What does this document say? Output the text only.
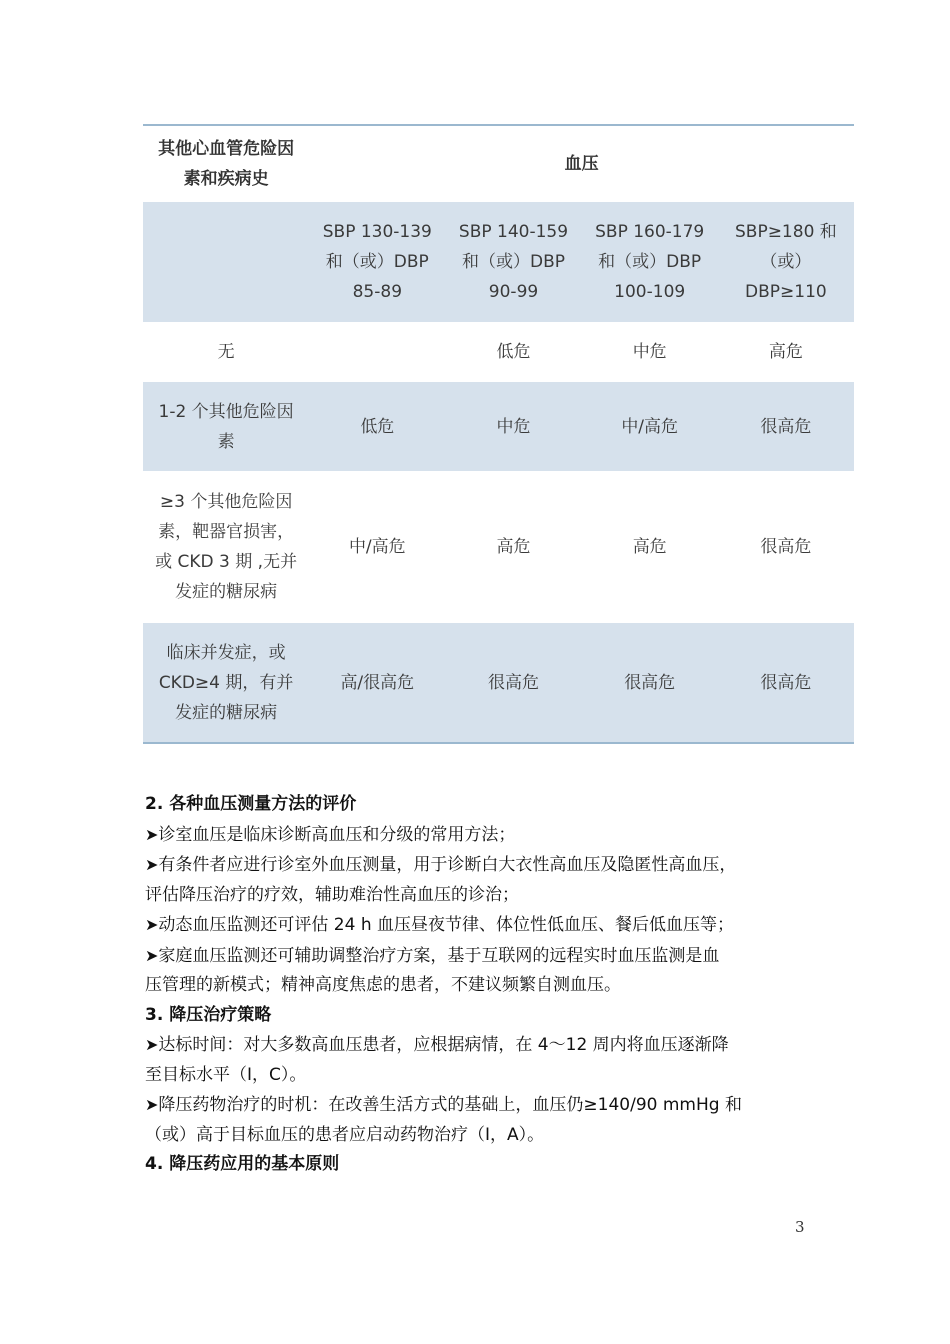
其他心血管危险因素和疾病史	血压			

	SBP 130-139 和（或）DBP 85-89	SBP 140-159 和（或）DBP 90-99	SBP 160-179 和（或）DBP 100-109	SBP≥180 和（或）DBP≥110

无		低危	中危	高危
1-2 个其他危险因素	低危	中危	中/高危	很高危
≥3 个其他危险因素，靶器官损害，或 CKD 3 期 ,无并发症的糖尿病	中/高危	高危	高危	很高危
临床并发症，或CKD≥4 期，有并发症的糖尿病	高/很高危	很高危	很高危	很高危

2. 各种血压测量方法的评价

➤诊室血压是临床诊断高血压和分级的常用方法；

➤有条件者应进行诊室外血压测量，用于诊断白大衣性高血压及隐匿性高血压，

评估降压治疗的疗效，辅助难治性高血压的诊治；

➤动态血压监测还可评估 24 h 血压昼夜节律、体位性低血压、餐后低血压等；

➤家庭血压监测还可辅助调整治疗方案，基于互联网的远程实时血压监测是血

压管理的新模式；精神高度焦虑的患者，不建议频繁自测血压。

3. 降压治疗策略

➤达标时间：对大多数高血压患者，应根据病情，在 4～12 周内将血压逐渐降

至目标水平（Ⅰ，C）。

➤降压药物治疗的时机：在改善生活方式的基础上，血压仍≥140/90 mmHg 和

（或）高于目标血压的患者应启动药物治疗（Ⅰ，A）。

4. 降压药应用的基本原则

3
